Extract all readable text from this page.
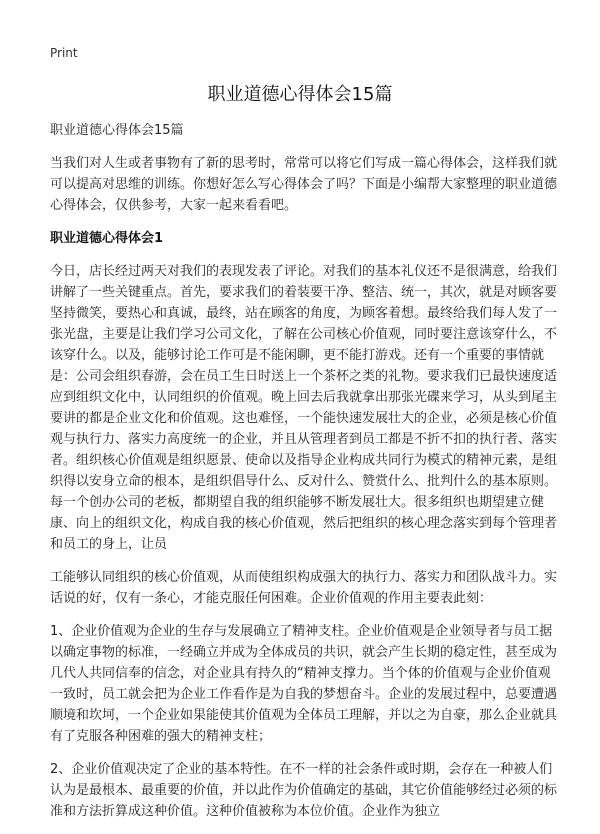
Print
职业道德心得体会15篇

职业道德心得体会15篇

当我们对人生或者事物有了新的思考时，常常可以将它们写成一篇心得体会，这样我们就可以提高对思维的训练。你想好怎么写心得体会了吗？下面是小编帮大家整理的职业道德心得体会，仅供参考，大家一起来看看吧。

职业道德心得体会1

今日，店长经过两天对我们的表现发表了评论。对我们的基本礼仪还不是很满意，给我们讲解了一些关键重点。首先，要求我们的着装要干净、整洁、统一，其次，就是对顾客要坚持微笑，要热心和真诚，最终，站在顾客的角度，为顾客着想。最终给我们每人发了一张光盘，主要是让我们学习公司文化，了解在公司核心价值观，同时要注意该穿什么，不该穿什么。以及，能够讨论工作可是不能闲聊，更不能打游戏。还有一个重要的事情就是：公司会组织春游，会在员工生日时送上一个茶杯之类的礼物。要求我们已最快速度适应到组织文化中，认同组织的价值观。晚上回去后我就拿出那张光碟来学习，从头到尾主要讲的都是企业文化和价值观。这也难怪，一个能快速发展壮大的企业，必须是核心价值观与执行力、落实力高度统一的企业，并且从管理者到员工都是不折不扣的执行者、落实者。组织核心价值观是组织愿景、使命以及指导企业构成共同行为模式的精神元素，是组织得以安身立命的根本，是组织倡导什么、反对什么、赞赏什么、批判什么的基本原则。每一个创办公司的老板，都期望自我的组织能够不断发展壮大。很多组织也期望建立健康、向上的组织文化，构成自我的核心价值观，然后把组织的核心理念落实到每个管理者和员工的身上，让员

工能够认同组织的核心价值观，从而使组织构成强大的执行力、落实力和团队战斗力。实话说的好，仅有一条心，才能克服任何困难。企业价值观的作用主要表此刻：

1、企业价值观为企业的生存与发展确立了精神支柱。企业价值观是企业领导者与员工据以确定事物的标准，一经确立并成为全体成员的共识，就会产生长期的稳定性，甚至成为几代人共同信奉的信念，对企业具有持久的“精神支撑力。当个体的价值观与企业价值观一致时，员工就会把为企业工作看作是为自我的梦想奋斗。企业的发展过程中，总要遭遇顺境和坎坷，一个企业如果能使其价值观为全体员工理解，并以之为自豪，那么企业就具有了克服各种困难的强大的精神支柱；

2、企业价值观决定了企业的基本特性。在不一样的社会条件或时期，会存在一种被人们认为是最根本、最重要的价值，并以此作为价值确定的基础，其它价值能够经过必须的标准和方法折算成这种价值。这种价值被称为本位价值。企业作为独立
